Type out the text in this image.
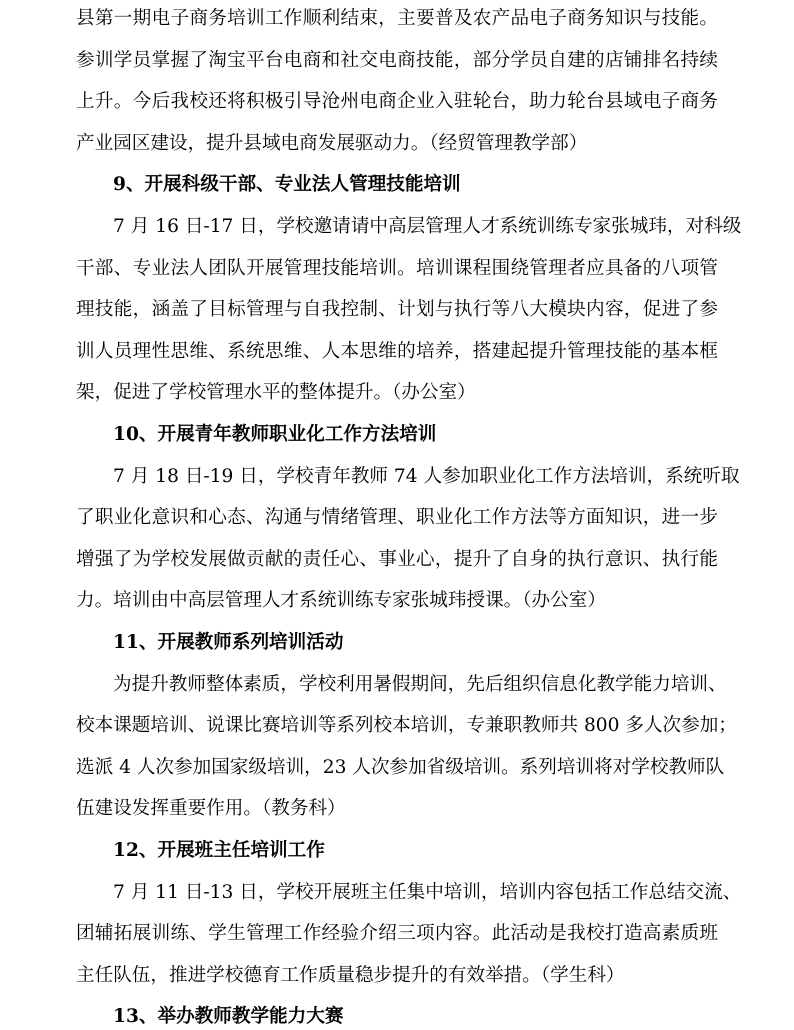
县第一期电子商务培训工作顺利结束，主要普及农产品电子商务知识与技能。
参训学员掌握了淘宝平台电商和社交电商技能，部分学员自建的店铺排名持续
上升。今后我校还将积极引导沧州电商企业入驻轮台，助力轮台县域电子商务
产业园区建设，提升县域电商发展驱动力。（经贸管理教学部）
9、开展科级干部、专业法人管理技能培训
7 月 16 日-17 日，学校邀请请中高层管理人才系统训练专家张城玮，对科级
干部、专业法人团队开展管理技能培训。培训课程围绕管理者应具备的八项管
理技能，涵盖了目标管理与自我控制、计划与执行等八大模块内容，促进了参
训人员理性思维、系统思维、人本思维的培养，搭建起提升管理技能的基本框
架，促进了学校管理水平的整体提升。（办公室）
10、开展青年教师职业化工作方法培训
7 月 18 日-19 日，学校青年教师 74 人参加职业化工作方法培训，系统听取
了职业化意识和心态、沟通与情绪管理、职业化工作方法等方面知识，进一步
增强了为学校发展做贡献的责任心、事业心，提升了自身的执行意识、执行能
力。培训由中高层管理人才系统训练专家张城玮授课。（办公室）
11、开展教师系列培训活动
为提升教师整体素质，学校利用暑假期间，先后组织信息化教学能力培训、
校本课题培训、说课比赛培训等系列校本培训，专兼职教师共 800 多人次参加；
选派 4 人次参加国家级培训，23 人次参加省级培训。系列培训将对学校教师队
伍建设发挥重要作用。（教务科）
12、开展班主任培训工作
7 月 11 日-13 日，学校开展班主任集中培训，培训内容包括工作总结交流、
团辅拓展训练、学生管理工作经验介绍三项内容。此活动是我校打造高素质班
主任队伍，推进学校德育工作质量稳步提升的有效举措。（学生科）
13、举办教师教学能力大赛
